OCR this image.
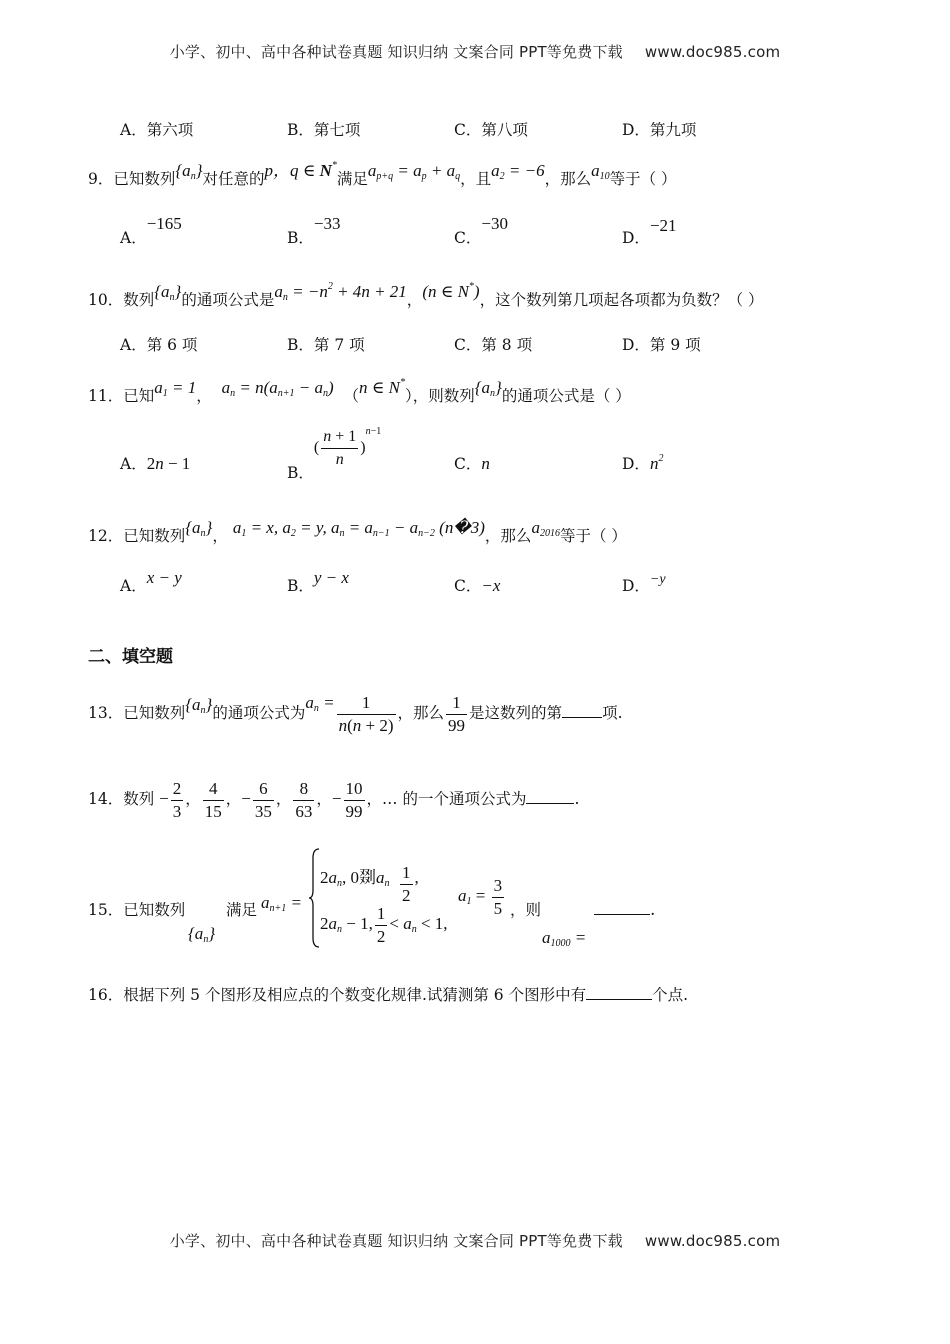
小学、初中、高中各种试卷真题 知识归纳 文案合同 PPT等免费下载 www.doc985.com
A．第六项	B．第七项	C．第八项	D．第九项
9．已知数列$\{a_n\}$对任意的p，q ∈ N*满足$a_{p+q} = a_p + a_q$，且$a_2 = -6$，那么$a_{10}$等于（ ）
A．−165
B．−33
C．−30
D．−21
10．数列$\{a_n\}$的通项公式是$a_n = -n^2 + 4n + 21$，(n ∈ N*)，这个数列第几项起各项都为负数？（ ）
A．第 6 项	B．第 7 项	C．第 8 项	D．第 9 项
11．已知$a_1 = 1$， $a_n = n(a_{n+1} - a_n)$ （n ∈ N*），则数列$\{a_n\}$的通项公式是（ ）
A．2n − 1
B．( $\frac{n + 1}{n} )^{n-1}$
C．n	D．$n^2$
12．已知数列$\{a_n\}$， $a_1 = x$, $a_2 = y$, $a_n = a_{n-1} - a_{n-2}$ (n�3)，那么$a_{2016}$等于（ ）
A．x − y	B．y − x	C．−x	D．−y
二、填空题
13．已知数列$\{a_n\}$的通项公式为$a_n = \frac{1}{n(n + 2)}$ ，那么 $\frac{1}{99}$ 是这数列的第	项.
14．数列 − $\frac{2}{3}$ ， $\frac{4}{15}$ ，− $\frac{6}{35}$ ， $\frac{8}{63}$ ，− $\frac{10}{99}$ ，… 的一个通项公式为	.
15．已知数列
$\{a_n\}$
满足 $a_{n+1}$ =
$2a_n$, 0剟$a_n \frac{1}{2}$ ,
$2a_n - 1$, $\frac{1}{2} < a_n < 1$,
$a_1 = \frac{3}{5}$ ，则
$a_{1000}$ =
.
16．根据下列 5 个图形及相应点的个数变化规律.试猜测第 6 个图形中有	个点.
小学、初中、高中各种试卷真题 知识归纳 文案合同 PPT等免费下载 www.doc985.com
